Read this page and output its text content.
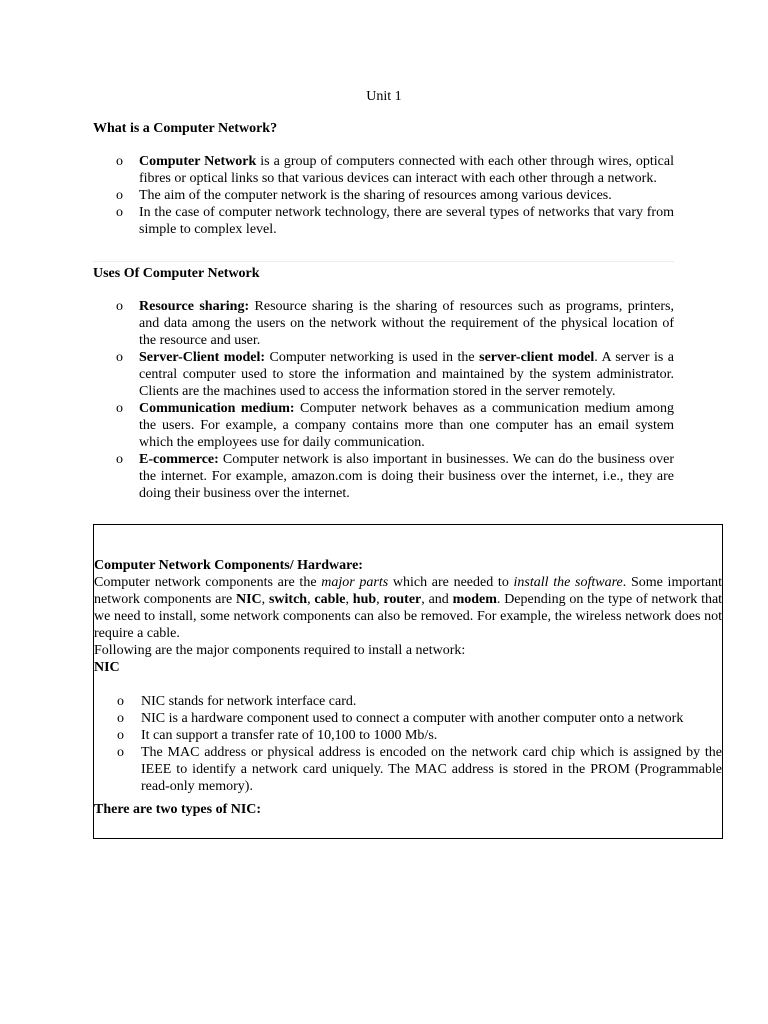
Unit 1
What is a Computer Network?
o Computer Network is a group of computers connected with each other through wires, optical fibres or optical links so that various devices can interact with each other through a network.
o The aim of the computer network is the sharing of resources among various devices.
o In the case of computer network technology, there are several types of networks that vary from simple to complex level.
Uses Of Computer Network
o Resource sharing: Resource sharing is the sharing of resources such as programs, printers, and data among the users on the network without the requirement of the physical location of the resource and user.
o Server-Client model: Computer networking is used in the server-client model. A server is a central computer used to store the information and maintained by the system administrator. Clients are the machines used to access the information stored in the server remotely.
o Communication medium: Computer network behaves as a communication medium among the users. For example, a company contains more than one computer has an email system which the employees use for daily communication.
o E-commerce: Computer network is also important in businesses. We can do the business over the internet. For example, amazon.com is doing their business over the internet, i.e., they are doing their business over the internet.

Computer Network Components/ Hardware:

Computer network components are the major parts which are needed to install the software. Some important network components are NIC, switch, cable, hub, router, and modem. Depending on the type of network that we need to install, some network components can also be removed. For example, the wireless network does not require a cable.

Following are the major components required to install a network:

NIC

o NIC stands for network interface card.
o NIC is a hardware component used to connect a computer with another computer onto a network
o It can support a transfer rate of 10,100 to 1000 Mb/s.
o The MAC address or physical address is encoded on the network card chip which is assigned by the IEEE to identify a network card uniquely. The MAC address is stored in the PROM (Programmable read-only memory).

There are two types of NIC:
